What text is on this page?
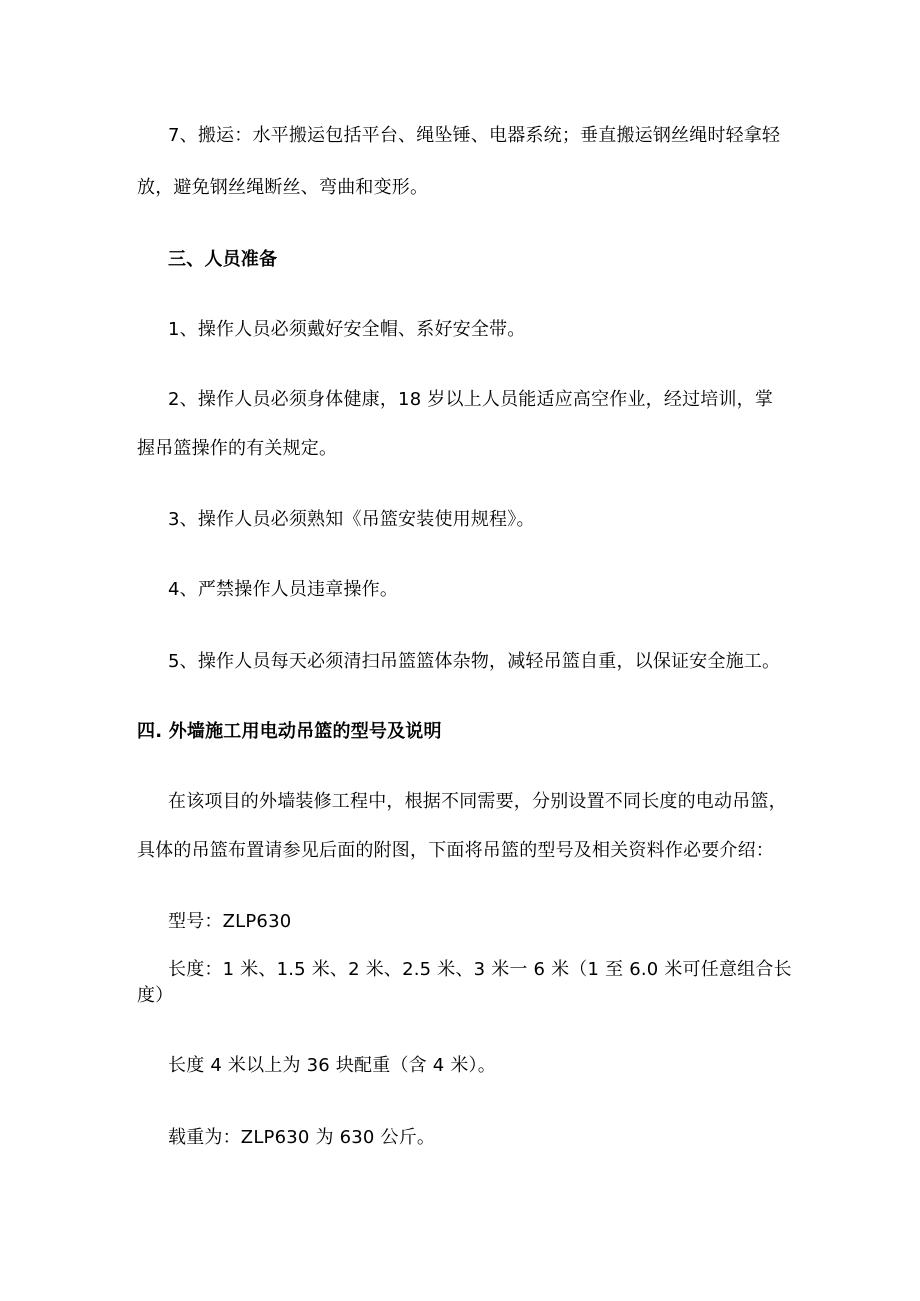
7、搬运：水平搬运包括平台、绳坠锤、电器系统；垂直搬运钢丝绳时轻拿轻
放，避免钢丝绳断丝、弯曲和变形。
三、人员准备
1、操作人员必须戴好安全帽、系好安全带。
2、操作人员必须身体健康，18 岁以上人员能适应高空作业，经过培训，掌
握吊篮操作的有关规定。
3、操作人员必须熟知《吊篮安装使用规程》。
4、严禁操作人员违章操作。
5、操作人员每天必须清扫吊篮篮体杂物，减轻吊篮自重，以保证安全施工。
四. 外墙施工用电动吊篮的型号及说明
在该项目的外墙装修工程中，根据不同需要，分别设置不同长度的电动吊篮，
具体的吊篮布置请参见后面的附图，下面将吊篮的型号及相关资料作必要介绍：
型号：ZLP630
长度：1 米、1.5 米、2 米、2.5 米、3 米一 6 米（1 至 6.0 米可任意组合长
度）
长度 4 米以上为 36 块配重（含 4 米）。
载重为：ZLP630 为 630 公斤。
